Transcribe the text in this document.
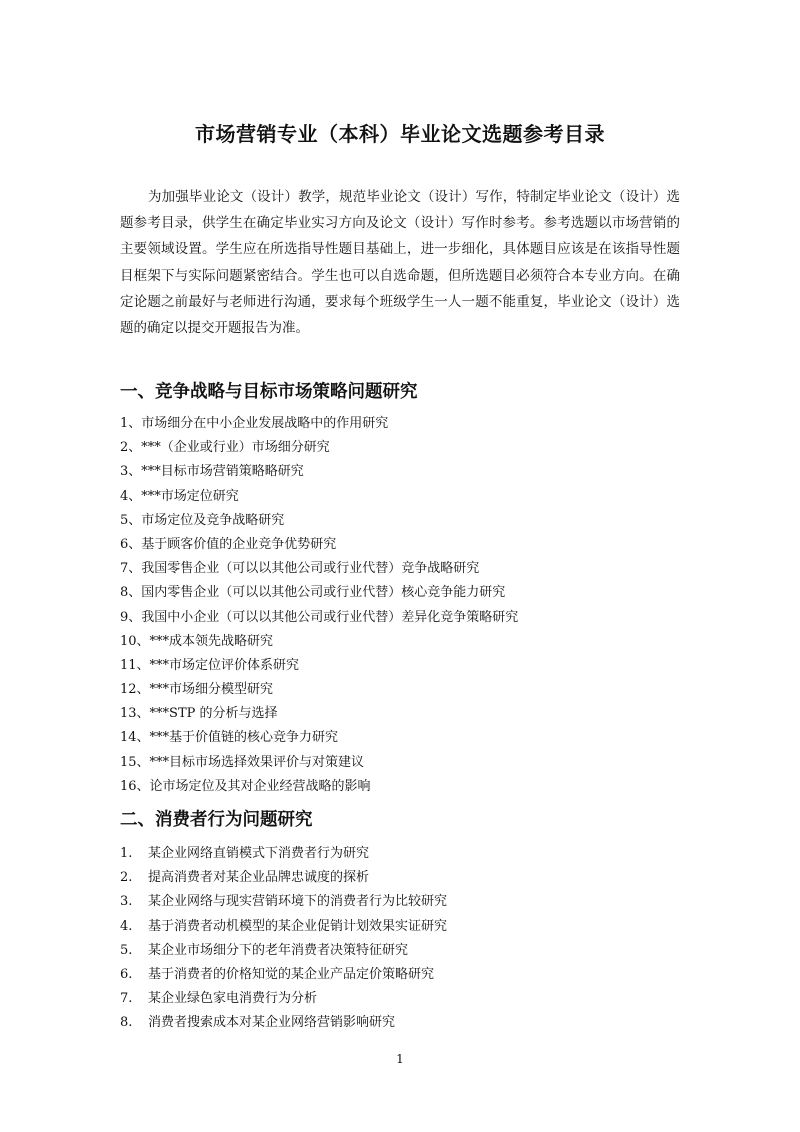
市场营销专业（本科）毕业论文选题参考目录

为加强毕业论文（设计）教学，规范毕业论文（设计）写作，特制定毕业论文（设计）选题参考目录，供学生在确定毕业实习方向及论文（设计）写作时参考。参考选题以市场营销的主要领域设置。学生应在所选指导性题目基础上，进一步细化，具体题目应该是在该指导性题目框架下与实际问题紧密结合。学生也可以自选命题，但所选题目必须符合本专业方向。在确定论题之前最好与老师进行沟通，要求每个班级学生一人一题不能重复，毕业论文（设计）选题的确定以提交开题报告为准。

一、竞争战略与目标市场策略问题研究
1、市场细分在中小企业发展战略中的作用研究
2、***（企业或行业）市场细分研究
3、***目标市场营销策略略研究
4、***市场定位研究
5、市场定位及竞争战略研究
6、基于顾客价值的企业竞争优势研究
7、我国零售企业（可以以其他公司或行业代替）竞争战略研究
8、国内零售企业（可以以其他公司或行业代替）核心竞争能力研究
9、我国中小企业（可以以其他公司或行业代替）差异化竞争策略研究
10、***成本领先战略研究
11、***市场定位评价体系研究
12、***市场细分模型研究
13、***STP 的分析与选择
14、***基于价值链的核心竞争力研究
15、***目标市场选择效果评价与对策建议
16、论市场定位及其对企业经营战略的影响
二、消费者行为问题研究
1. 某企业网络直销模式下消费者行为研究
2. 提高消费者对某企业品牌忠诚度的探析
3. 某企业网络与现实营销环境下的消费者行为比较研究
4. 基于消费者动机模型的某企业促销计划效果实证研究
5. 某企业市场细分下的老年消费者决策特征研究
6. 基于消费者的价格知觉的某企业产品定价策略研究
7. 某企业绿色家电消费行为分析
8. 消费者搜索成本对某企业网络营销影响研究
1
